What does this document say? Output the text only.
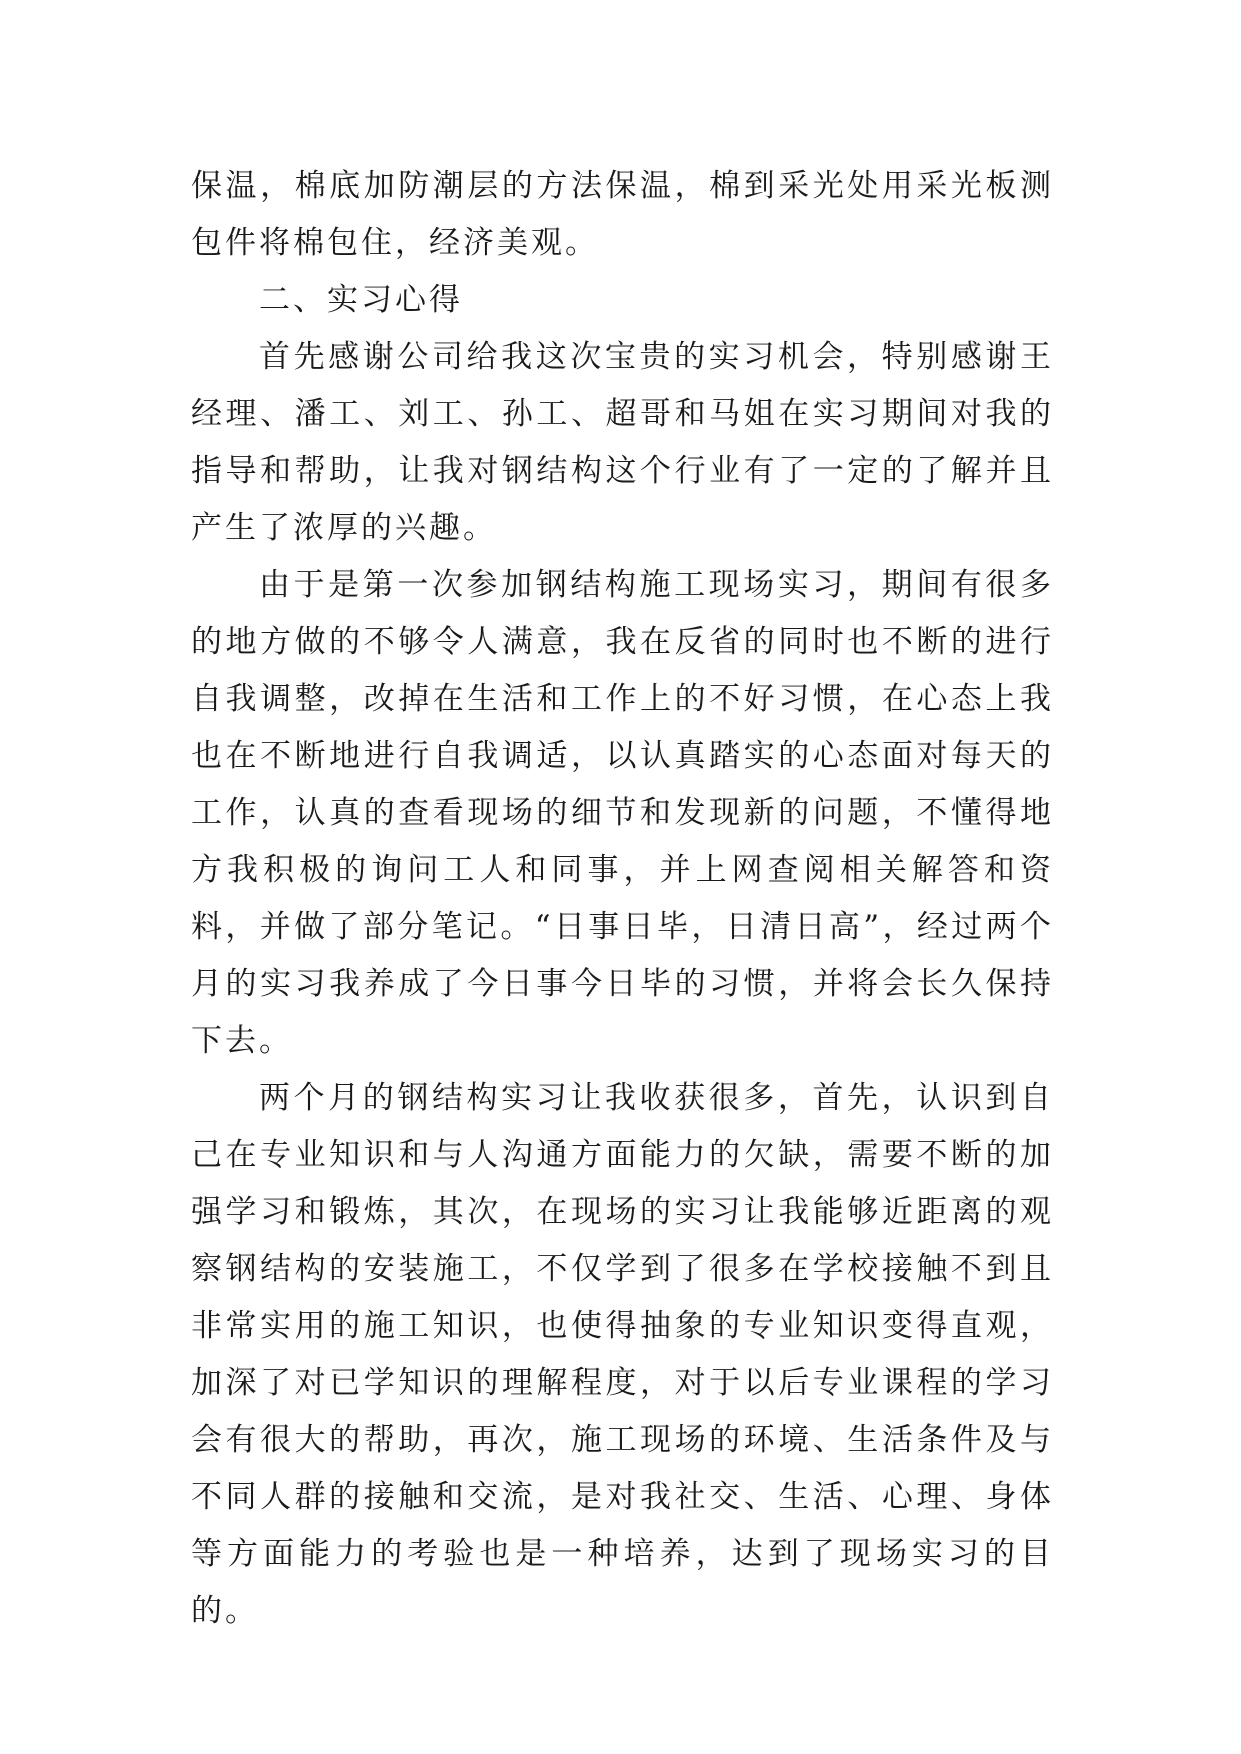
保温，棉底加防潮层的方法保温，棉到采光处用采光板测包件将棉包住，经济美观。

二、实习心得

首先感谢公司给我这次宝贵的实习机会，特别感谢王经理、潘工、刘工、孙工、超哥和马姐在实习期间对我的指导和帮助，让我对钢结构这个行业有了一定的了解并且产生了浓厚的兴趣。

由于是第一次参加钢结构施工现场实习，期间有很多的地方做的不够令人满意，我在反省的同时也不断的进行自我调整，改掉在生活和工作上的不好习惯，在心态上我也在不断地进行自我调适，以认真踏实的心态面对每天的工作，认真的查看现场的细节和发现新的问题，不懂得地方我积极的询问工人和同事，并上网查阅相关解答和资料，并做了部分笔记。“日事日毕，日清日高”，经过两个月的实习我养成了今日事今日毕的习惯，并将会长久保持下去。

两个月的钢结构实习让我收获很多，首先，认识到自己在专业知识和与人沟通方面能力的欠缺，需要不断的加强学习和锻炼，其次，在现场的实习让我能够近距离的观察钢结构的安装施工，不仅学到了很多在学校接触不到且非常实用的施工知识，也使得抽象的专业知识变得直观，加深了对已学知识的理解程度，对于以后专业课程的学习会有很大的帮助，再次，施工现场的环境、生活条件及与不同人群的接触和交流，是对我社交、生活、心理、身体等方面能力的考验也是一种培养，达到了现场实习的目的。
